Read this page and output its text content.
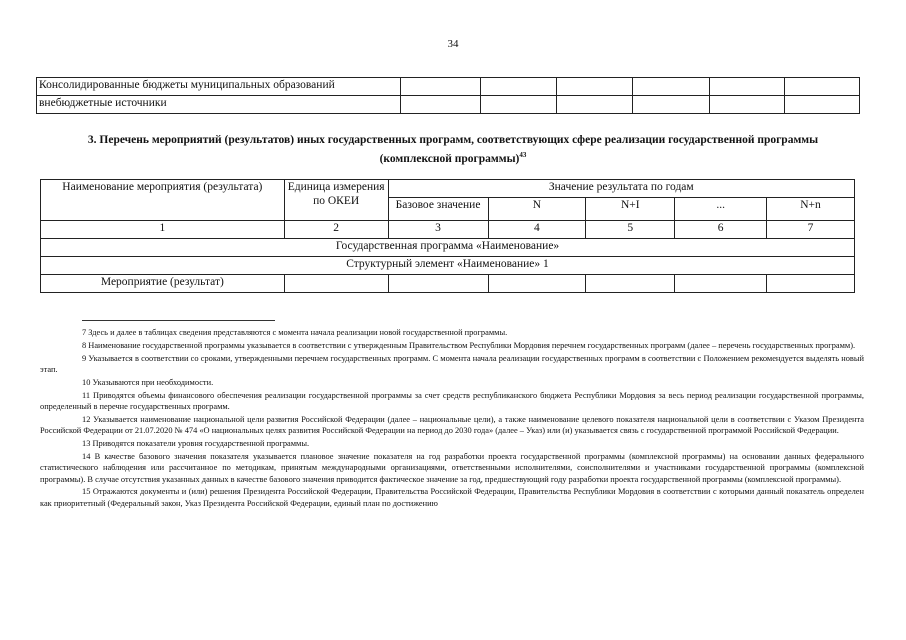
34
Консолидированные бюджеты муниципальных образований						
внебюджетные источники						
3. Перечень мероприятий (результатов) иных государственных программ, соответствующих сфере реализации государственной программы (комплексной программы)$^{43}$
Наименование мероприятия (результата)	Единица измерения по ОКЕИ	Значение результата по годам				
		Базовое значение	N	N+I	...	N+n
1	2	3	4	5	6	7
Государственная программа «Наименование»						
Структурный элемент «Наименование» 1						
Мероприятие (результат)						

7 Здесь и далее в таблицах сведения представляются с момента начала реализации новой государственной программы.

8 Наименование государственной программы указывается в соответствии с утвержденным Правительством Республики Мордовия перечнем государственных программ (далее – перечень государственных программ).

9 Указывается в соответствии со сроками, утвержденными перечнем государственных программ. С момента начала реализации государственных программ в соответствии с Положением рекомендуется выделять новый этап.

10 Указываются при необходимости.

11 Приводятся объемы финансового обеспечения реализации государственной программы за счет средств республиканского бюджета Республики Мордовия за весь период реализации государственной программы, определенный в перечне государственных программ.

12 Указывается наименование национальной цели развития Российской Федерации (далее – национальные цели), а также наименование целевого показателя национальной цели в соответствии с Указом Президента Российской Федерации от 21.07.2020 № 474 «О национальных целях развития Российской Федерации на период до 2030 года» (далее – Указ) или (и) указывается связь с государственной программой Российской Федерации.

13 Приводятся показатели уровня государственной программы.

14 В качестве базового значения показателя указывается плановое значение показателя на год разработки проекта государственной программы (комплексной программы) на основании данных федерального статистического наблюдения или рассчитанное по методикам, принятым международными организациями, ответственными исполнителями, соисполнителями и участниками государственной программы (комплексной программы). В случае отсутствия указанных данных в качестве базового значения приводится фактическое значение за год, предшествующий году разработки проекта государственной программы (комплексной программы).

15 Отражаются документы и (или) решения Президента Российской Федерации, Правительства Российской Федерации, Правительства Республики Мордовия в соответствии с которыми данный показатель определен как приоритетный (Федеральный закон, Указ Президента Российской Федерации, единый план по достижению
